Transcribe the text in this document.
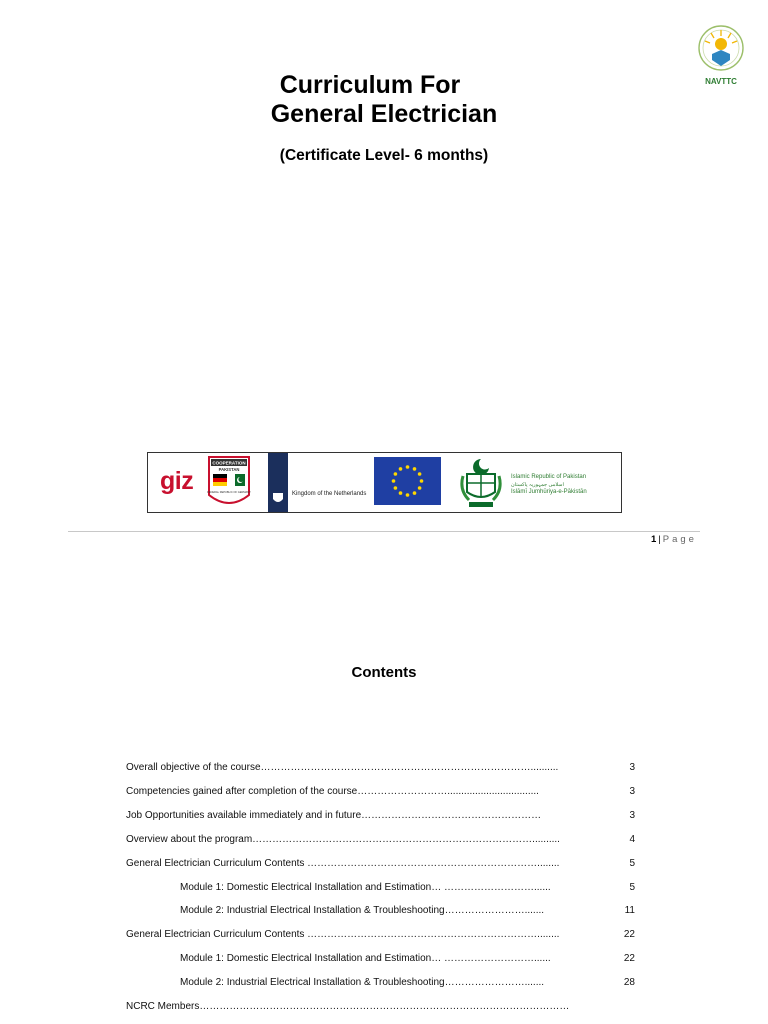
NAVTTC
Curriculum For
General Electrician
(Certificate Level- 6 months)
giz
COOPERATION
PAKISTAN
FEDERAL REPUBLIC OF GERMANY	Kingdom of the Netherlands
Islamic Republic of Pakistan
اسلامی جمہوریہ پاکستان
Islāmī Jumhūriya-e-Pākistān
1 | Page
Contents
Overall objective of the course………………………………………………………………………..........	3
Competencies gained after completion of the course……………………….................................	3
Job Opportunities available immediately and in future………………………………………………	3
Overview about the program…………………………………………………………………………..........	4
General Electrician Curriculum Contents ……………………………………………………………........	5
Module 1: Domestic Electrical Installation and Estimation… ………………………......	5
Module 2: Industrial Electrical Installation & Troubleshooting…………………….......	11
General Electrician Curriculum Contents ……………………………………………………………........	22
Module 1: Domestic Electrical Installation and Estimation… ………………………......	22
Module 2: Industrial Electrical Installation & Troubleshooting…………………….......	28
NCRC Members…………………………………………………………………………………………………
